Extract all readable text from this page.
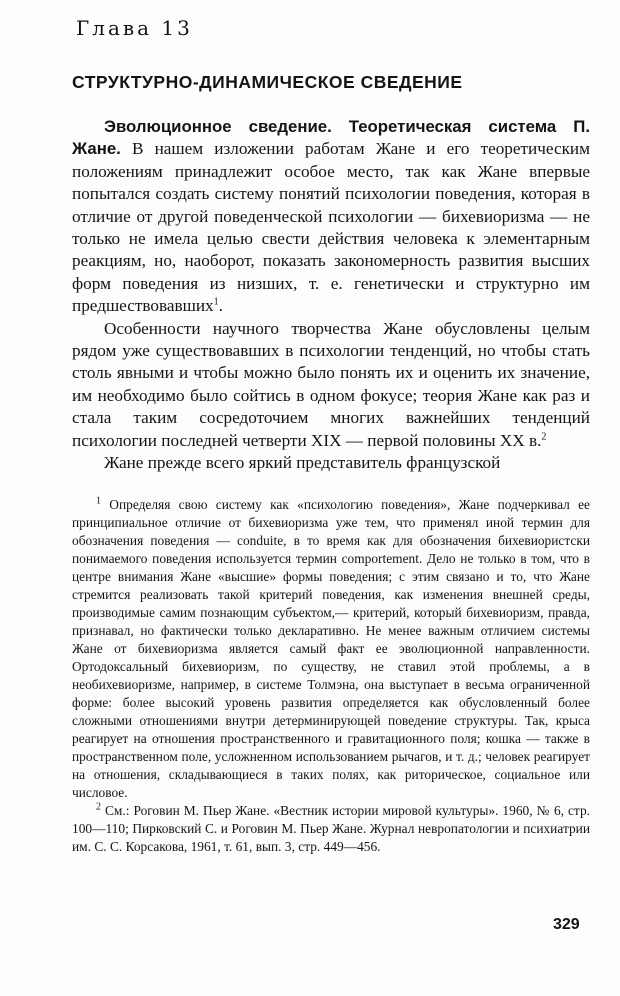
Глава 13
СТРУКТУРНО-ДИНАМИЧЕСКОЕ СВЕДЕНИЕ

Эволюционное сведение. Теоретическая система П. Жане. В нашем изложении работам Жане и его теоретическим положениям принадлежит особое место, так как Жане впервые попытался создать систему понятий психологии поведения, которая в отличие от другой поведенческой психологии — бихевиоризма — не только не имела целью свести действия человека к элементарным реакциям, но, наоборот, показать закономерность развития высших форм поведения из низших, т. е. генетически и структурно им предшествовавших$^1$.

Особенности научного творчества Жане обусловлены целым рядом уже существовавших в психологии тенденций, но чтобы стать столь явными и чтобы можно было понять их и оценить их значение, им необходимо было сойтись в одном фокусе; теория Жане как раз и стала таким сосредоточием многих важнейших тенденций психологии последней четверти XIX — первой половины XX в.$^2$

Жане прежде всего яркий представитель французской

$^1$ Определяя свою систему как «психологию поведения», Жане подчеркивал ее принципиальное отличие от бихевиоризма уже тем, что применял иной термин для обозначения поведения — conduite, в то время как для обозначения бихевиористски понимаемого поведения используется термин comportement. Дело не только в том, что в центре внимания Жане «высшие» формы поведения; с этим связано и то, что Жане стремится реализовать такой критерий поведения, как изменения внешней среды, производимые самим познающим субъектом,— критерий, который бихевиоризм, правда, признавал, но фактически только декларативно. Не менее важным отличием системы Жане от бихевиоризма является самый факт ее эволюционной направленности. Ортодоксальный бихевиоризм, по существу, не ставил этой проблемы, а в необихевиоризме, например, в системе Толмэна, она выступает в весьма ограниченной форме: более высокий уровень развития определяется как обусловленный более сложными отношениями внутри детерминирующей поведение структуры. Так, крыса реагирует на отношения пространственного и гравитационного поля; кошка — также в пространственном поле, усложненном использованием рычагов, и т. д.; человек реагирует на отношения, складывающиеся в таких полях, как риторическое, социальное или числовое.

$^2$ См.: Роговин М. Пьер Жане. «Вестник истории мировой культуры». 1960, № 6, стр. 100—110; Пирковский С. и Роговин М. Пьер Жане. Журнал невропатологии и психиатрии им. С. С. Корсакова, 1961, т. 61, вып. 3, стр. 449—456.

329
